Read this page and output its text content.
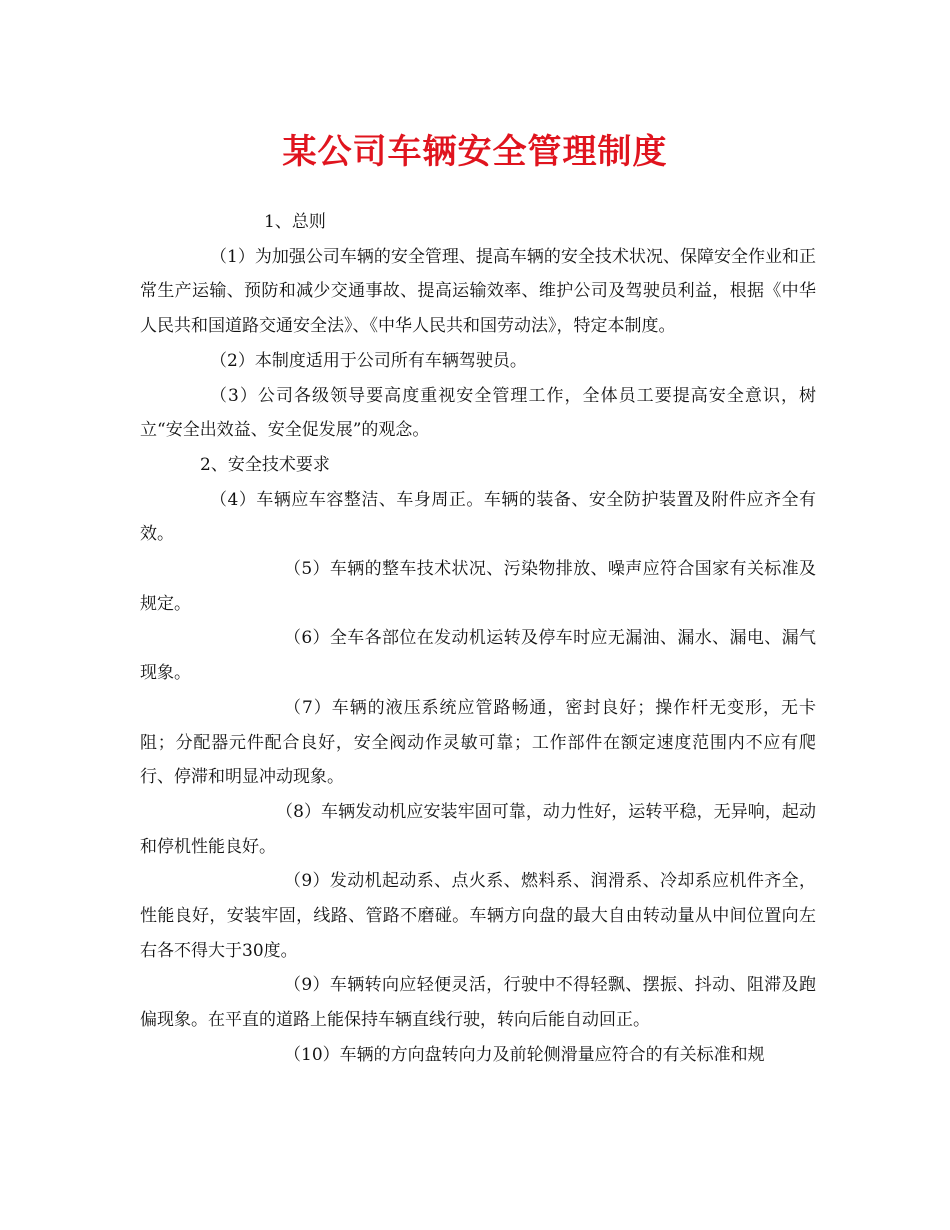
某公司车辆安全管理制度

1、总则

（1）为加强公司车辆的安全管理、提高车辆的安全技术状况、保障安全作业和正常生产运输、预防和减少交通事故、提高运输效率、维护公司及驾驶员利益，根据《中华人民共和国道路交通安全法》、《中华人民共和国劳动法》，特定本制度。

（2）本制度适用于公司所有车辆驾驶员。

（3）公司各级领导要高度重视安全管理工作，全体员工要提高安全意识，树立“安全出效益、安全促发展”的观念。

2、安全技术要求

（4）车辆应车容整洁、车身周正。车辆的装备、安全防护装置及附件应齐全有效。

（5）车辆的整车技术状况、污染物排放、噪声应符合国家有关标准及规定。

（6）全车各部位在发动机运转及停车时应无漏油、漏水、漏电、漏气现象。

（7）车辆的液压系统应管路畅通，密封良好；操作杆无变形，无卡阻；分配器元件配合良好，安全阀动作灵敏可靠；工作部件在额定速度范围内不应有爬行、停滞和明显冲动现象。

（8）车辆发动机应安装牢固可靠，动力性好，运转平稳，无异响，起动和停机性能良好。

（9）发动机起动系、点火系、燃料系、润滑系、冷却系应机件齐全，性能良好，安装牢固，线路、管路不磨碰。车辆方向盘的最大自由转动量从中间位置向左右各不得大于30度。

（9）车辆转向应轻便灵活，行驶中不得轻飘、摆振、抖动、阻滞及跑偏现象。在平直的道路上能保持车辆直线行驶，转向后能自动回正。

（10）车辆的方向盘转向力及前轮侧滑量应符合的有关标准和规
